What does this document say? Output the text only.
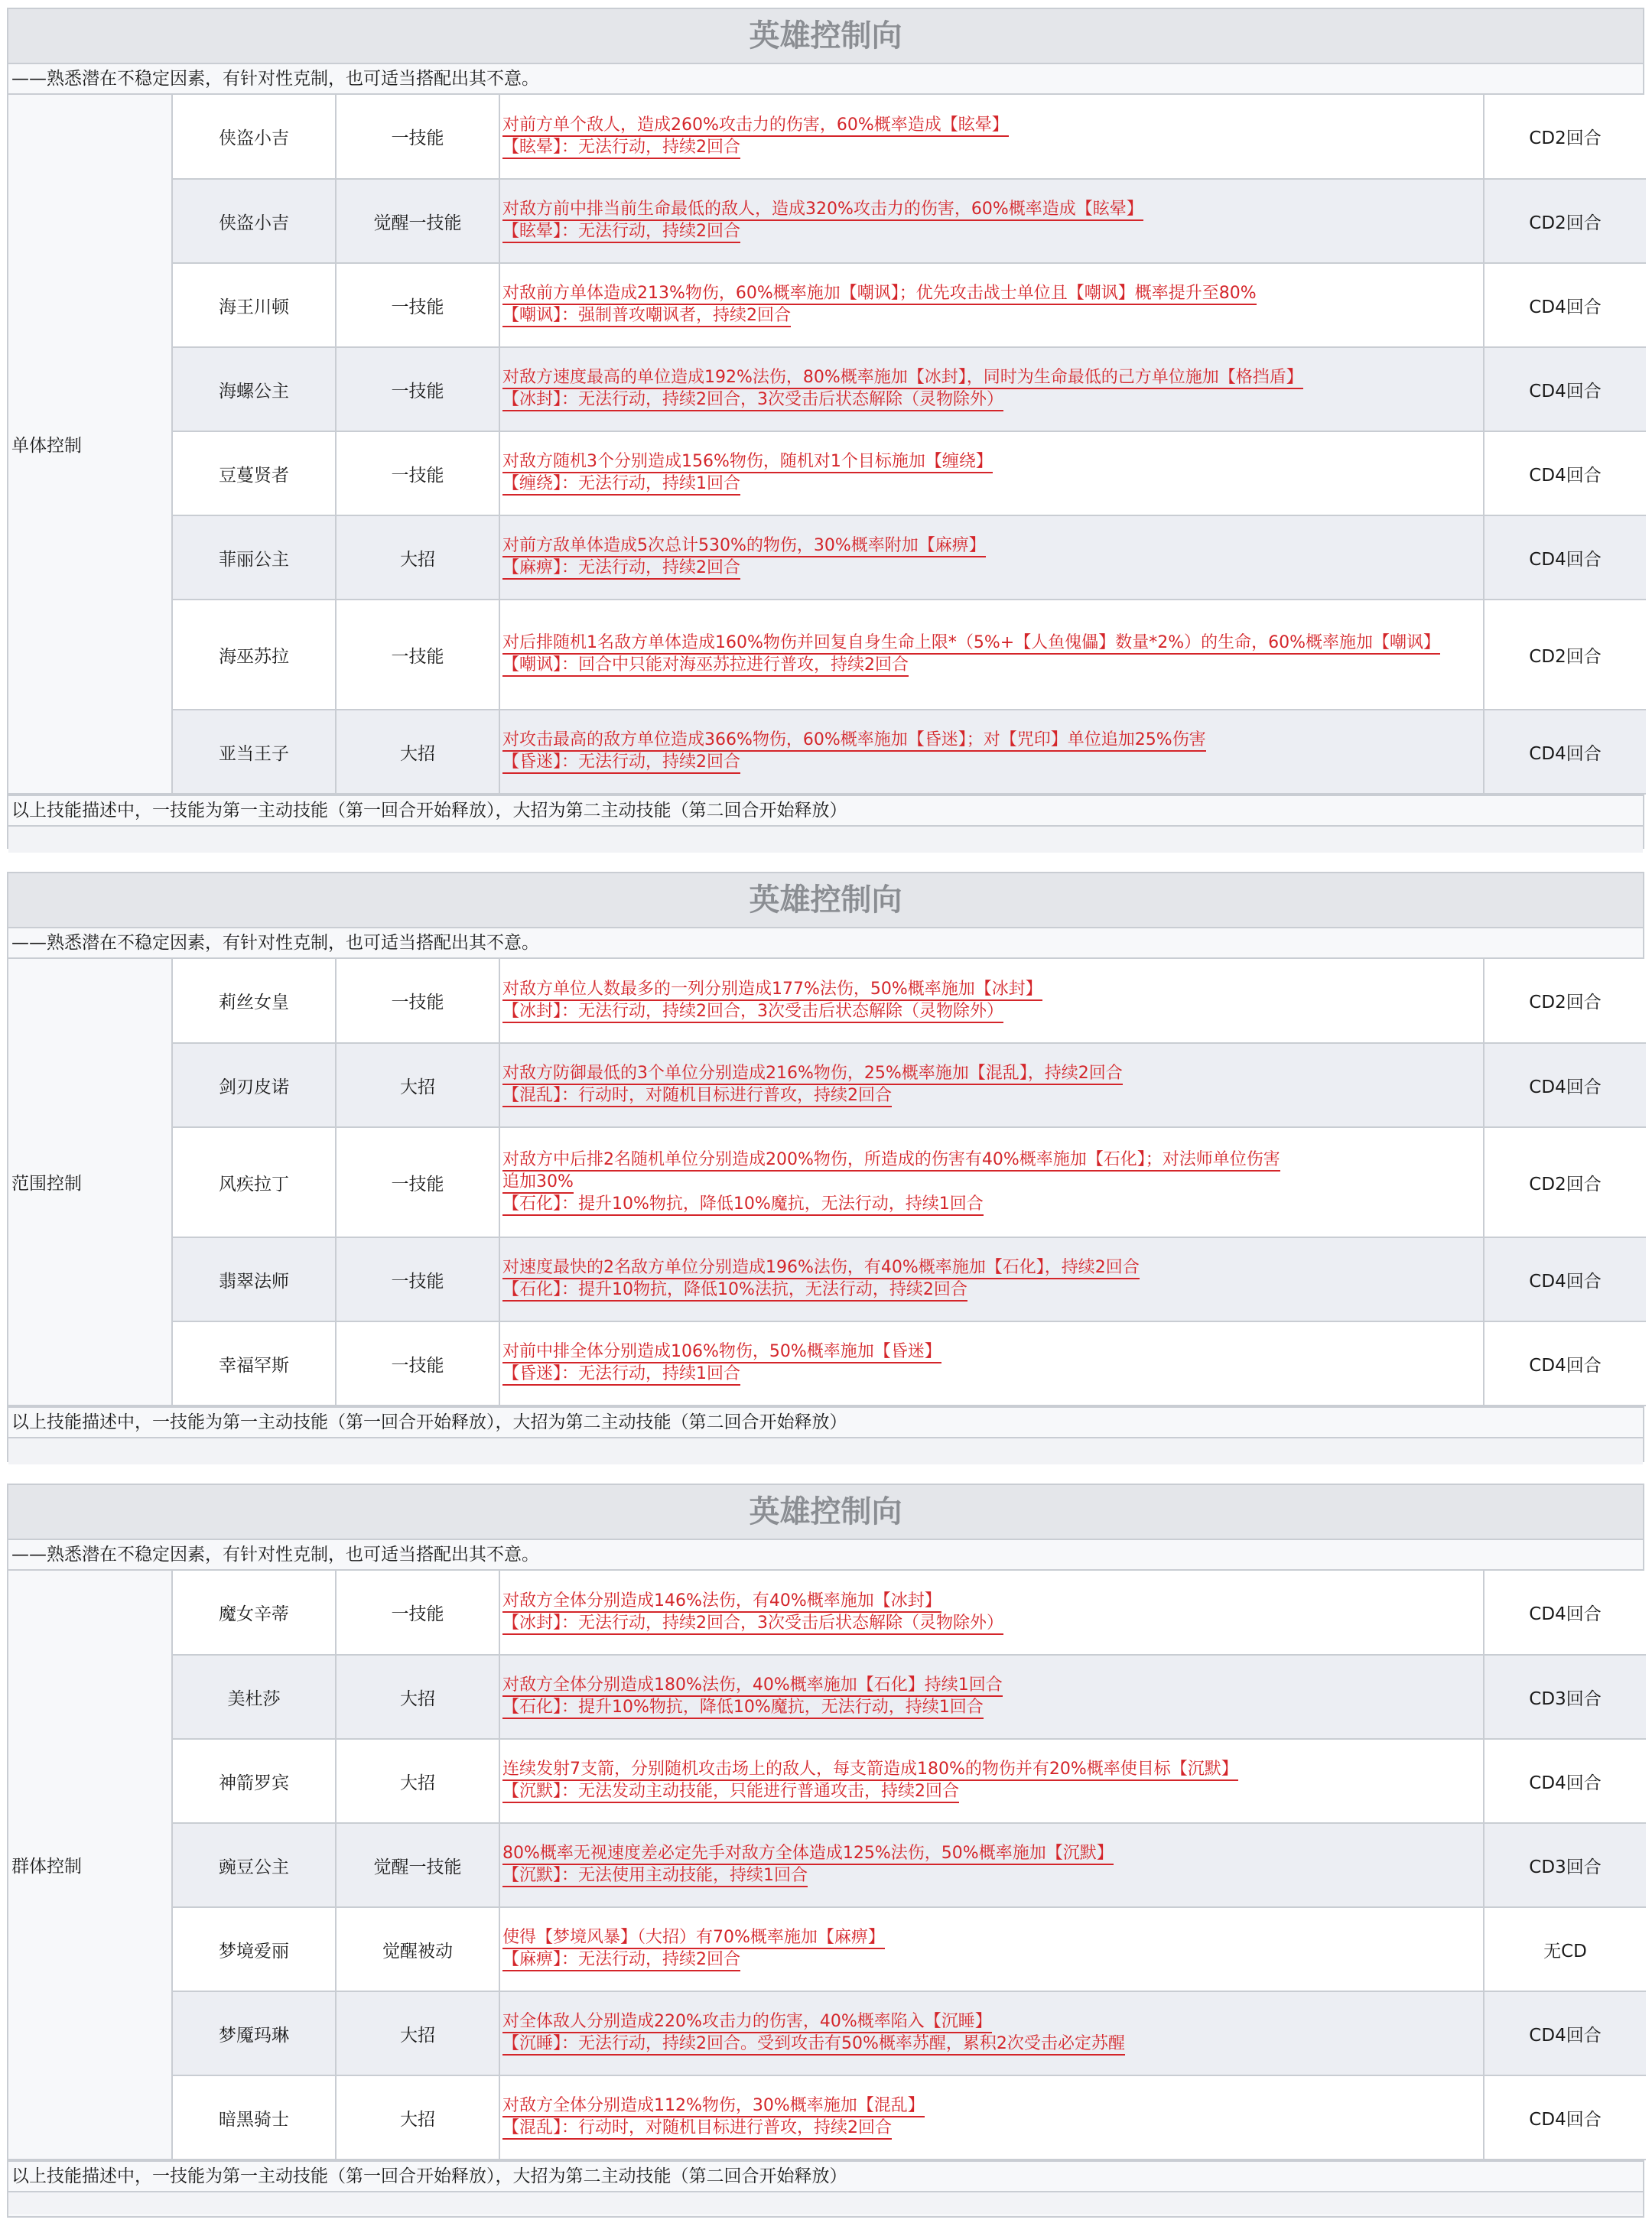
英雄控制向
——熟悉潜在不稳定因素，有针对性克制，也可适当搭配出其不意。
单体控制	侠盗小吉	一技能	对前方单个敌人，造成260%攻击力的伤害，60%概率造成【眩晕】
【眩晕】：无法行动，持续2回合	CD2回合
	侠盗小吉	觉醒一技能	对敌方前中排当前生命最低的敌人，造成320%攻击力的伤害，60%概率造成【眩晕】
【眩晕】：无法行动，持续2回合	CD2回合
	海王川顿	一技能	对敌前方单体造成213%物伤，60%概率施加【嘲讽】；优先攻击战士单位且【嘲讽】概率提升至80%
【嘲讽】：强制普攻嘲讽者，持续2回合	CD4回合
	海螺公主	一技能	对敌方速度最高的单位造成192%法伤，80%概率施加【冰封】，同时为生命最低的己方单位施加【格挡盾】
【冰封】：无法行动，持续2回合，3次受击后状态解除（灵物除外）	CD4回合
	豆蔓贤者	一技能	对敌方随机3个分别造成156%物伤，随机对1个目标施加【缠绕】
【缠绕】：无法行动，持续1回合	CD4回合
	菲丽公主	大招	对前方敌单体造成5次总计530%的物伤，30%概率附加【麻痹】
【麻痹】：无法行动，持续2回合	CD4回合
	海巫苏拉	一技能	对后排随机1名敌方单体造成160%物伤并回复自身生命上限*（5%+【人鱼傀儡】数量*2%）的生命，60%概率施加【嘲讽】
【嘲讽】：回合中只能对海巫苏拉进行普攻，持续2回合	CD2回合
	亚当王子	大招	对攻击最高的敌方单位造成366%物伤，60%概率施加【昏迷】；对【咒印】单位追加25%伤害
【昏迷】：无法行动，持续2回合	CD4回合
以上技能描述中，一技能为第一主动技能（第一回合开始释放），大招为第二主动技能（第二回合开始释放）
英雄控制向
——熟悉潜在不稳定因素，有针对性克制，也可适当搭配出其不意。
范围控制	莉丝女皇	一技能	对敌方单位人数最多的一列分别造成177%法伤，50%概率施加【冰封】
【冰封】：无法行动，持续2回合，3次受击后状态解除（灵物除外）	CD2回合
	剑刃皮诺	大招	对敌方防御最低的3个单位分别造成216%物伤，25%概率施加【混乱】，持续2回合
【混乱】：行动时，对随机目标进行普攻，持续2回合	CD4回合
	风疾拉丁	一技能	对敌方中后排2名随机单位分别造成200%物伤，所造成的伤害有40%概率施加【石化】；对法师单位伤害
追加30%
【石化】：提升10%物抗，降低10%魔抗，无法行动，持续1回合	CD2回合
	翡翠法师	一技能	对速度最快的2名敌方单位分别造成196%法伤，有40%概率施加【石化】，持续2回合
【石化】：提升10物抗，降低10%法抗，无法行动，持续2回合	CD4回合
	幸福罕斯	一技能	对前中排全体分别造成106%物伤，50%概率施加【昏迷】
【昏迷】：无法行动，持续1回合	CD4回合
以上技能描述中，一技能为第一主动技能（第一回合开始释放），大招为第二主动技能（第二回合开始释放）
英雄控制向
——熟悉潜在不稳定因素，有针对性克制，也可适当搭配出其不意。
群体控制	魔女辛蒂	一技能	对敌方全体分别造成146%法伤，有40%概率施加【冰封】
【冰封】：无法行动，持续2回合，3次受击后状态解除（灵物除外）	CD4回合
	美杜莎	大招	对敌方全体分别造成180%法伤，40%概率施加【石化】持续1回合
【石化】：提升10%物抗，降低10%魔抗，无法行动，持续1回合	CD3回合
	神箭罗宾	大招	连续发射7支箭，分别随机攻击场上的敌人，每支箭造成180%的物伤并有20%概率使目标【沉默】
【沉默】：无法发动主动技能，只能进行普通攻击，持续2回合	CD4回合
	豌豆公主	觉醒一技能	80%概率无视速度差必定先手对敌方全体造成125%法伤，50%概率施加【沉默】
【沉默】：无法使用主动技能，持续1回合	CD3回合
	梦境爱丽	觉醒被动	使得【梦境风暴】（大招）有70%概率施加【麻痹】
【麻痹】：无法行动，持续2回合	无CD
	梦魇玛琳	大招	对全体敌人分别造成220%攻击力的伤害，40%概率陷入【沉睡】
【沉睡】：无法行动，持续2回合。受到攻击有50%概率苏醒，累积2次受击必定苏醒	CD4回合
	暗黑骑士	大招	对敌方全体分别造成112%物伤，30%概率施加【混乱】
【混乱】：行动时，对随机目标进行普攻，持续2回合	CD4回合
以上技能描述中，一技能为第一主动技能（第一回合开始释放），大招为第二主动技能（第二回合开始释放）
